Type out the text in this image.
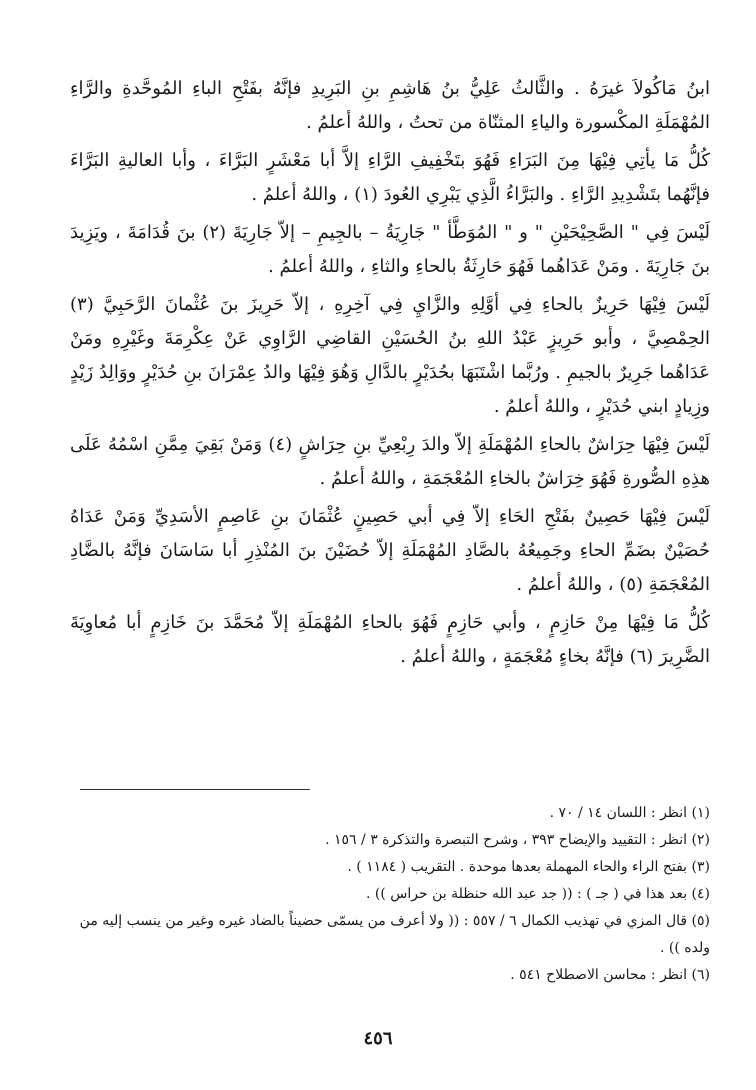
ابنُ مَاكُولاَ غيرَهُ . والثَّالثُ عَلِيُّ بنُ هَاشِمِ بنِ البَرِيدِ فإنَّهُ بفَتْحِ الباءِ المُوحَّدةِ والرَّاءِ المُهْمَلَةِ المكْسورة والياءِ المثنّاة من تحتُ ، واللهُ أعلمُ .

كُلُّ مَا يأتِي فِيْهَا مِنَ البَرَاءِ فَهُوَ بتَخْفِيفِ الرَّاءِ إلاَّ أبا مَعْشَرٍ البَرَّاءَ ، وأبا العاليةِ البَرَّاءَ فإنَّهُما بتَشْدِيدِ الرَّاءِ . والبَرَّاءُ الَّذِي يَبْرِي العُودَ (١) ، واللهُ أعلمُ .

لَيْسَ فِي " الصَّحِيْحَيْنِ " و " المُوَطَّأ " جَارِيَةُ – بالجِيمِ – إلاّ جَارِيَةَ (٢) بنَ قُدَامَةَ ، ويَزِيدَ بنَ جَارِيَةَ . ومَنْ عَدَاهُما فَهُوَ حَارِثَةُ بالحاءِ والثاءِ ، واللهُ أعلمُ .

لَيْسَ فِيْهَا حَرِيزٌ بالحاءِ فِي أوَّلِهِ والزَّايِ فِي آخِرِهِ ، إلاّ حَرِيزَ بنَ عُثْمانَ الرَّحَبِيَّ (٣) الحِمْصِيَّ ، وأبو حَرِيزٍ عَبْدُ اللهِ بنُ الحُسَيْنِ القاضِي الرَّاوِي عَنْ عِكْرِمَةَ وغَيْرِهِ ومَنْ عَدَاهُما جَرِيرٌ بالجيمِ . ورُبَّما اشْتَبَهَا بحُدَيْرٍ بالدَّالِ وَهُوَ فِيْهَا والدُ عِمْرَانَ بنِ حُدَيْرٍ ووَالِدُ زَيْدٍ وزِيادٍ ابني حُدَيْرٍ ، واللهُ أعلمُ .

لَيْسَ فِيْهَا حِرَاشٌ بالحاءِ المُهْمَلَةِ إلاّ والدَ رِبْعِيِّ بنِ حِرَاشٍ (٤) وَمَنْ بَقِيَ مِمَّنِ اسْمُهُ عَلَى هذِهِ الصُّورةِ فَهُوَ خِرَاشٌ بالخاءِ المُعْجَمَةِ ، واللهُ أعلمُ .

لَيْسَ فِيْهَا حَصِينٌ بفَتْحِ الحَاءِ إلاّ فِي أبي حَصِينٍ عُثْمَانَ بنِ عَاصِمٍ الأسَدِيِّ وَمَنْ عَدَاهُ حُصَيْنٌ بضَمِّ الحاءِ وجَمِيعُهُ بالصَّادِ المُهْمَلَةِ إلاّ حُضَيْنَ بنَ المُنْذِرِ أبا سَاسَانَ فإنَّهُ بالضَّادِ المُعْجَمَةِ (٥) ، واللهُ أعلمُ .

كُلُّ مَا فِيْهَا مِنْ حَازِمٍ ، وأبي حَازِمٍ فَهُوَ بالحاءِ المُهْمَلَةِ إلاّ مُحَمَّدَ بنَ خَازِمٍ أبا مُعاوِيَةَ الضَّرِيرَ (٦) فإنَّهُ بخاءٍ مُعْجَمَةٍ ، واللهُ أعلمُ .

(١) انظر : اللسان ١٤ / ٧٠ .

(٢) انظر : التقييد والإيضاح ٣٩٣ ، وشرح التبصرة والتذكرة ٣ / ١٥٦ .

(٣) بفتح الراء والحاء المهملة بعدها موحدة . التقريب ( ١١٨٤ ) .

(٤) بعد هذا في ( جـ ) : (( جد عبد الله حنظلة بن حراس )) .

(٥) قال المزي في تهذيب الكمال ٦ / ٥٥٧ : (( ولا أعرف من يسمّى حضيناً بالضاد غيره وغير من ينسب إليه من ولده )) .

(٦) انظر : محاسن الاصطلاح ٥٤١ .

٤٥٦
